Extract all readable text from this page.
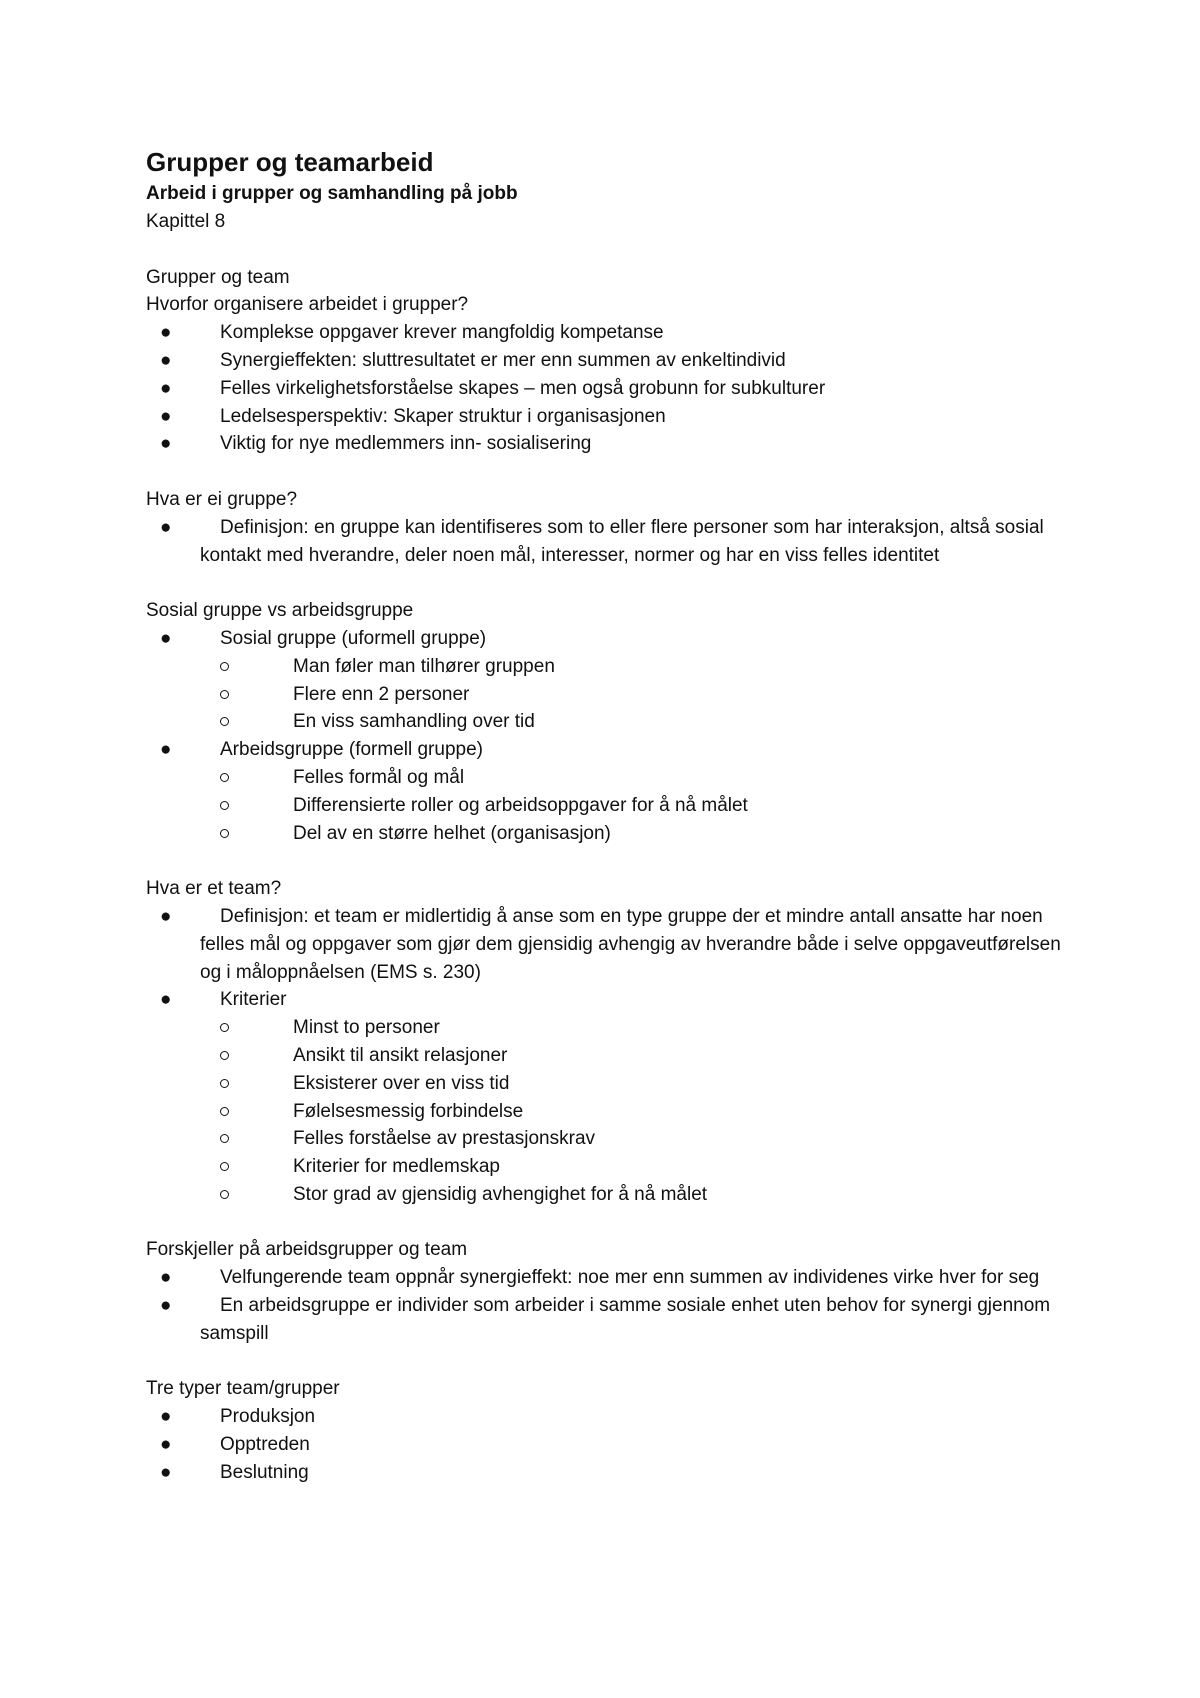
Grupper og teamarbeid
Arbeid i grupper og samhandling på jobb
Kapittel 8
Grupper og team
Hvorfor organisere arbeidet i grupper?
●	Komplekse oppgaver krever mangfoldig kompetanse
●	Synergieffekten: sluttresultatet er mer enn summen av enkeltindivid
●	Felles virkelighetsforståelse skapes – men også grobunn for subkulturer
●	Ledelsesperspektiv: Skaper struktur i organisasjonen
●	Viktig for nye medlemmers inn- sosialisering
Hva er ei gruppe?
●	Definisjon: en gruppe kan identifiseres som to eller flere personer som har interaksjon, altså sosial kontakt med hverandre, deler noen mål, interesser, normer og har en viss felles identitet
Sosial gruppe vs arbeidsgruppe
●	Sosial gruppe (uformell gruppe)
Man føler man tilhører gruppen
Flere enn 2 personer
En viss samhandling over tid
●	Arbeidsgruppe (formell gruppe)
Felles formål og mål
Differensierte roller og arbeidsoppgaver for å nå målet
Del av en større helhet (organisasjon)
Hva er et team?
●	Definisjon: et team er midlertidig å anse som en type gruppe der et mindre antall ansatte har noen felles mål og oppgaver som gjør dem gjensidig avhengig av hverandre både i selve oppgaveutførelsen og i måloppnåelsen (EMS s. 230)
●	Kriterier
Minst to personer
Ansikt til ansikt relasjoner
Eksisterer over en viss tid
Følelsesmessig forbindelse
Felles forståelse av prestasjonskrav
Kriterier for medlemskap
Stor grad av gjensidig avhengighet for å nå målet
Forskjeller på arbeidsgrupper og team
●	Velfungerende team oppnår synergieffekt: noe mer enn summen av individenes virke hver for seg
●	En arbeidsgruppe er individer som arbeider i samme sosiale enhet uten behov for synergi gjennom samspill
Tre typer team/grupper
●	Produksjon
●	Opptreden
●	Beslutning
